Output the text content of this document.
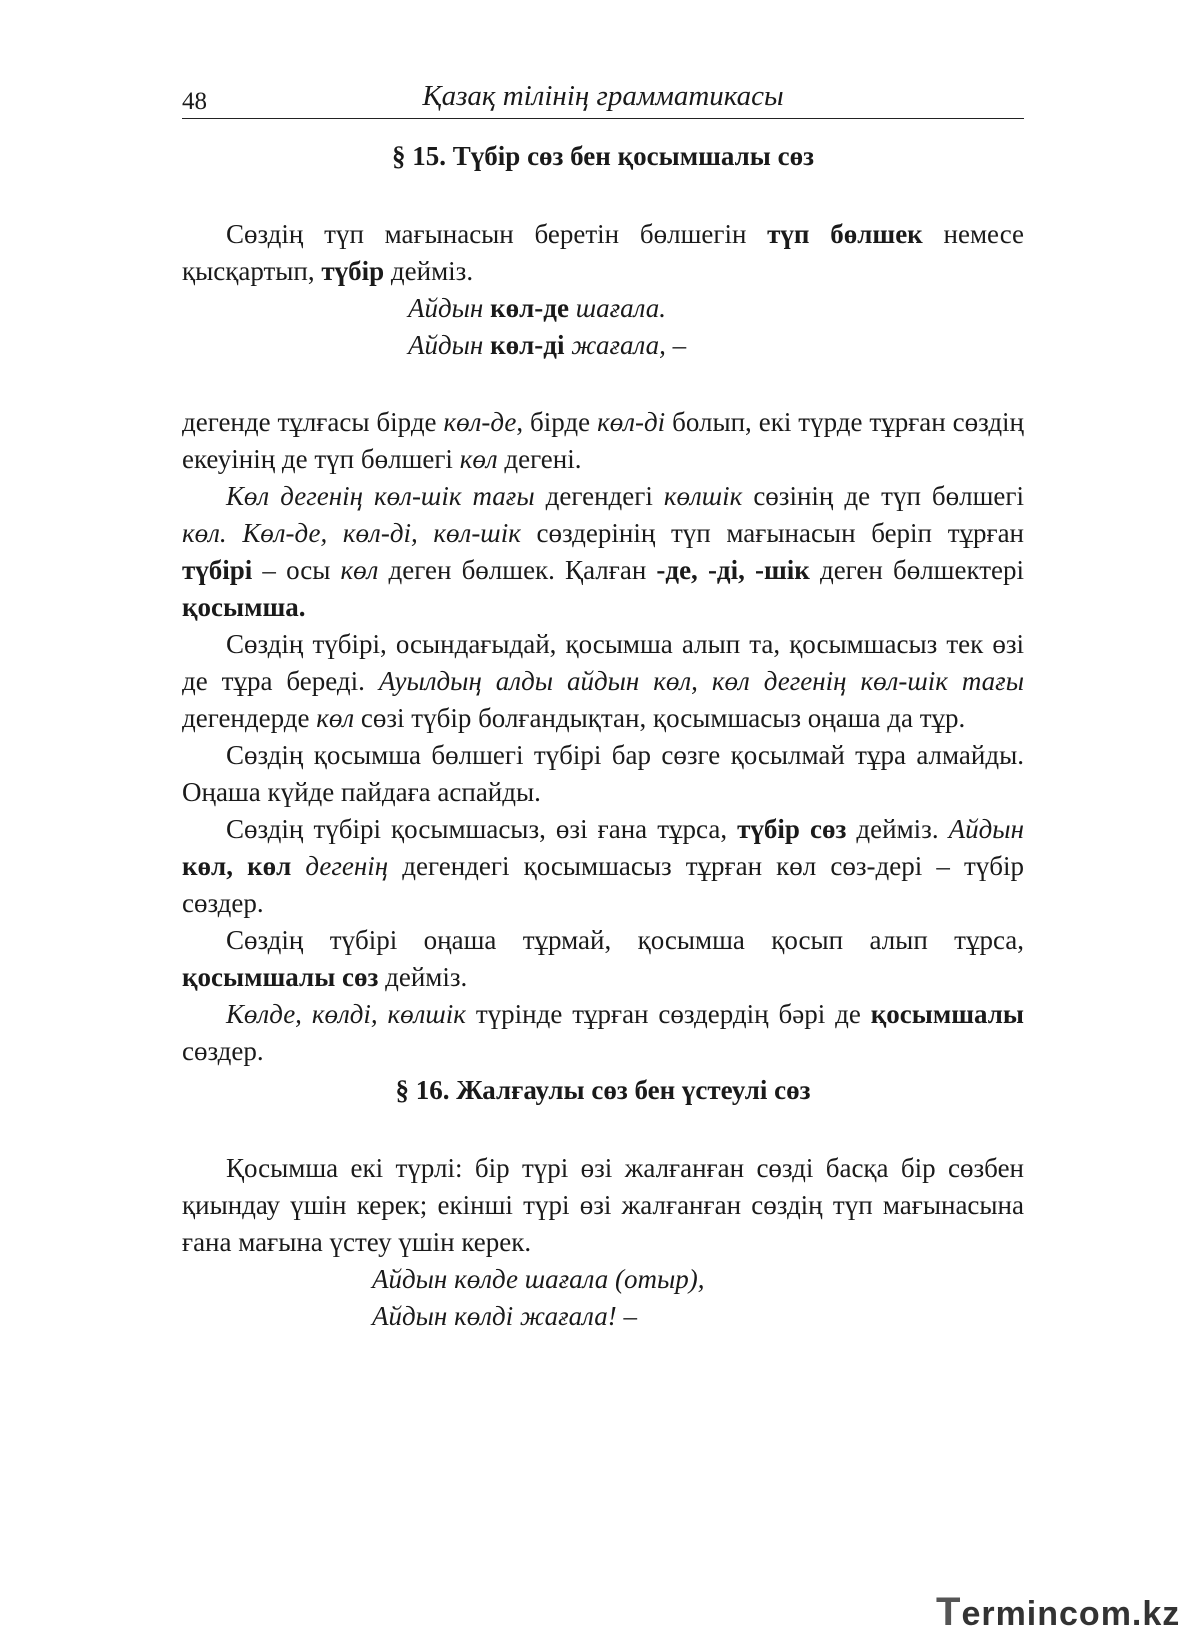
48	Қазақ тілінің грамматикасы
§ 15. Түбір сөз бен қосымшалы сөз

Сөздің түп мағынасын беретін бөлшегін түп бөлшек немесе қысқартып, түбір дейміз.

Айдын көл-де шағала.
Айдын көл-ді жағала, –

дегенде тұлғасы бірде көл-де, бірде көл-ді болып, екі түрде тұрған сөздің екеуінің де түп бөлшегі көл дегені.

Көл дегенің көл-шік тағы дегендегі көлшік сөзінің де түп бөлшегі көл. Көл-де, көл-ді, көл-шік сөздерінің түп мағынасын беріп тұрған түбірі – осы көл деген бөлшек. Қалған -де, -ді, -шік деген бөлшектері қосымша.

Сөздің түбірі, осындағыдай, қосымша алып та, қосымшасыз тек өзі де тұра береді. Ауылдың алды айдын көл, көл дегенің көл-шік тағы дегендерде көл сөзі түбір болғандықтан, қосымшасыз оңаша да тұр.

Сөздің қосымша бөлшегі түбірі бар сөзге қосылмай тұра алмайды. Оңаша күйде пайдаға аспайды.

Сөздің түбірі қосымшасыз, өзі ғана тұрса, түбір сөз дейміз. Айдын көл, көл дегенің дегендегі қосымшасыз тұрған көл сөз-дері – түбір сөздер.

Сөздің түбірі оңаша тұрмай, қосымша қосып алып тұрса, қосымшалы сөз дейміз.

Көлде, көлді, көлшік түрінде тұрған сөздердің бәрі де қосымшалы сөздер.

§ 16. Жалғаулы сөз бен үстеулі сөз

Қосымша екі түрлі: бір түрі өзі жалғанған сөзді басқа бір сөзбен қиындау үшін керек; екінші түрі өзі жалғанған сөздің түп мағынасына ғана мағына үстеу үшін керек.

Айдын көлде шағала (отыр),
Айдын көлді жағала! –
Termincom.kz
